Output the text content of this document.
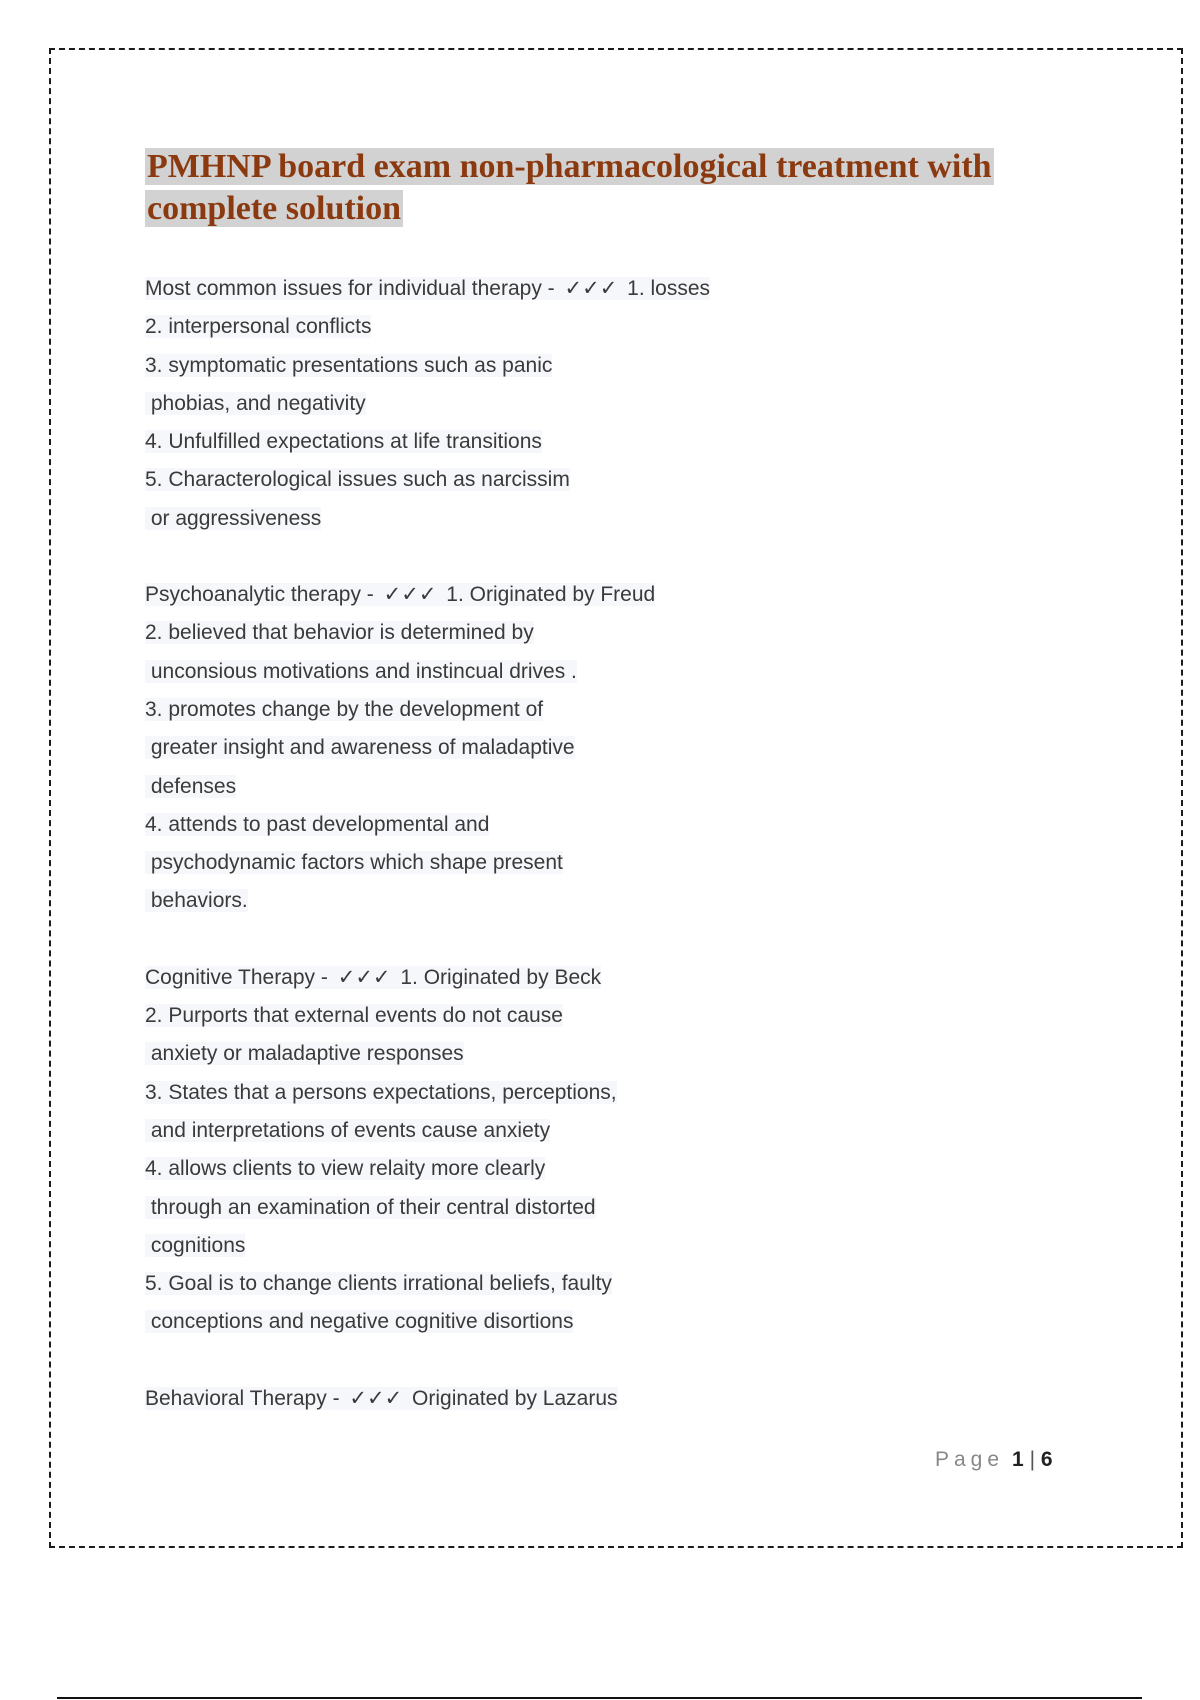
PMHNP board exam non-pharmacological treatment with
complete solution
Most common issues for individual therapy - ✓✓✓ 1. losses
2. interpersonal conflicts
3. symptomatic presentations such as panic
phobias, and negativity
4. Unfulfilled expectations at life transitions
5. Characterological issues such as narcissim
or aggressiveness
Psychoanalytic therapy - ✓✓✓ 1. Originated by Freud
2. believed that behavior is determined by
unconsious motivations and instincual drives .
3. promotes change by the development of
greater insight and awareness of maladaptive
defenses
4. attends to past developmental and
psychodynamic factors which shape present
behaviors.
Cognitive Therapy - ✓✓✓ 1. Originated by Beck
2. Purports that external events do not cause
anxiety or maladaptive responses
3. States that a persons expectations, perceptions,
and interpretations of events cause anxiety
4. allows clients to view relaity more clearly
through an examination of their central distorted
cognitions
5. Goal is to change clients irrational beliefs, faulty
conceptions and negative cognitive disortions
Behavioral Therapy - ✓✓✓ Originated by Lazarus
Page 1 | 6
